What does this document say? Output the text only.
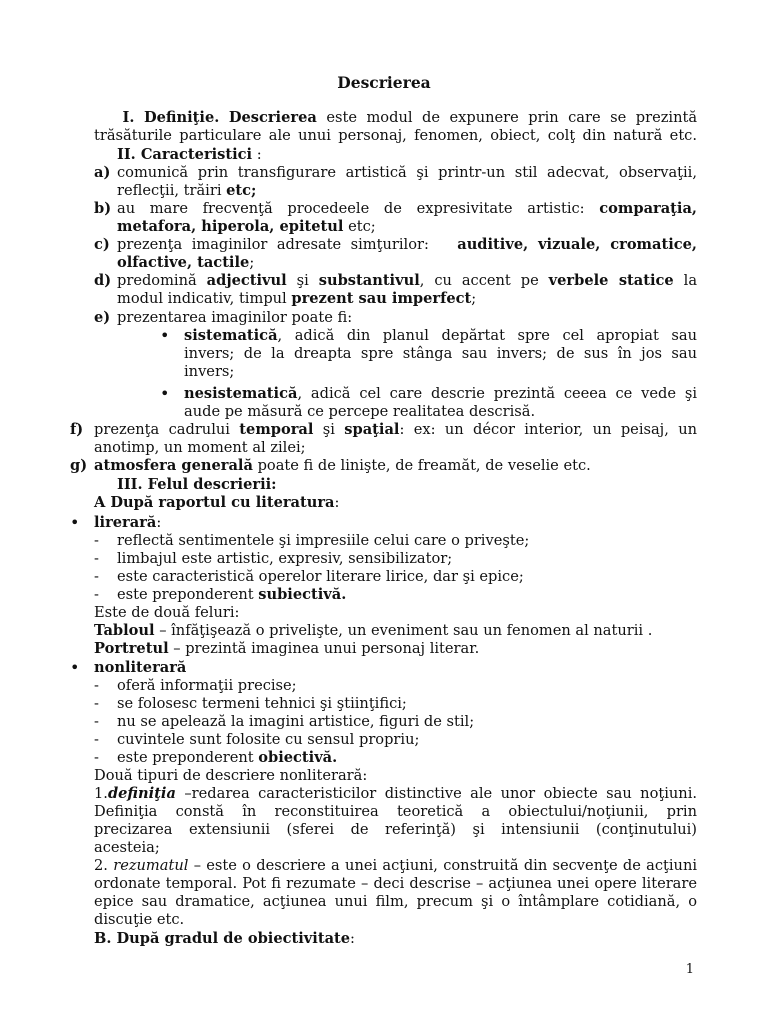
Descrierea
I. Definiţie. Descrierea este modul de expunere prin care se prezintă
trăsăturile particulare ale unui personaj, fenomen, obiect, colţ din natură etc.
II. Caracteristici :
a) comunică prin transfigurare artistică şi printr-un stil adecvat, observaţii,
reflecţii, trăiri etc;
b) au mare frecvenţă procedeele de expresivitate artistic: comparaţia,
metafora, hiperola, epitetul etc;
c) prezenţa imaginilor adresate simţurilor: auditive, vizuale, cromatice,
olfactive, tactile;
d) predomină adjectivul şi substantivul, cu accent pe verbele statice la
modul indicativ, timpul prezent sau imperfect;
e) prezentarea imaginilor poate fi:
• sistematică, adică din planul depărtat spre cel apropiat sau
invers; de la dreapta spre stânga sau invers; de sus în jos sau
invers;
• nesistematică, adică cel care descrie prezintă ceeea ce vede şi
aude pe măsură ce percepe realitatea descrisă.
f) prezenţa cadrului temporal şi spaţial: ex: un décor interior, un peisaj, un
anotimp, un moment al zilei;
g) atmosfera generală poate fi de linişte, de freamăt, de veselie etc.
III. Felul descrierii:
A După raportul cu literatura:
• lirerară:
- reflectă sentimentele şi impresiile celui care o priveşte;
- limbajul este artistic, expresiv, sensibilizator;
- este caracteristică operelor literare lirice, dar şi epice;
- este preponderent subiectivă.
Este de două feluri:
Tabloul – înfăţişează o privelişte, un eveniment sau un fenomen al naturii .
Portretul – prezintă imaginea unui personaj literar.
• nonliterară
- oferă informaţii precise;
- se folosesc termeni tehnici şi ştiinţifici;
- nu se apelează la imagini artistice, figuri de stil;
- cuvintele sunt folosite cu sensul propriu;
- este preponderent obiectivă.
Două tipuri de descriere nonliterară:
1.definiţia –redarea caracteristicilor distinctive ale unor obiecte sau noţiuni.
Definiţia constă în reconstituirea teoretică a obiectului/noţiunii, prin
precizarea extensiunii (sferei de referinţă) şi intensiunii (conţinutului)
acesteia;
2. rezumatul – este o descriere a unei acţiuni, construită din secvenţe de acţiuni
ordonate temporal. Pot fi rezumate – deci descrise – acţiunea unei opere literare
epice sau dramatice, acţiunea unui film, precum şi o întâmplare cotidiană, o
discuţie etc.
B. După gradul de obiectivitate:
1
